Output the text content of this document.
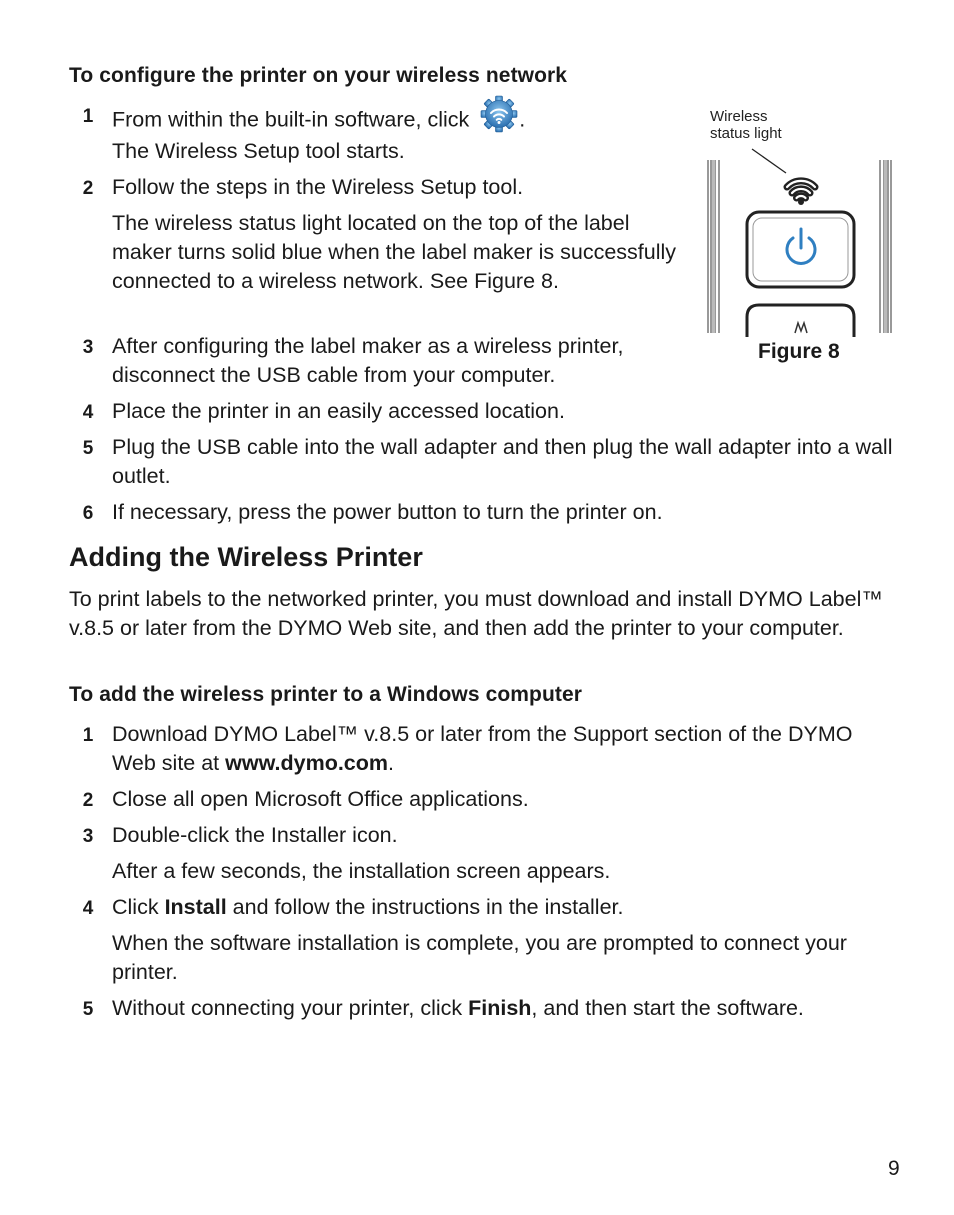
To configure the printer on your wireless network
1 From within the built-in software, click .
The Wireless Setup tool starts.
2 Follow the steps in the Wireless Setup tool.
The wireless status light located on the top of the label maker turns solid blue when the label maker is successfully connected to a wireless network. See Figure 8.
3 After configuring the label maker as a wireless printer, disconnect the USB cable from your computer.
4 Place the printer in an easily accessed location.
5 Plug the USB cable into the wall adapter and then plug the wall adapter into a wall outlet.
6 If necessary, press the power button to turn the printer on.
Wireless
status light
Figure 8
Adding the Wireless Printer
To print labels to the networked printer, you must download and install DYMO Label™ v.8.5 or later from the DYMO Web site, and then add the printer to your computer.
To add the wireless printer to a Windows computer
1 Download DYMO Label™ v.8.5 or later from the Support section of the DYMO Web site at www.dymo.com.
2 Close all open Microsoft Office applications.
3 Double-click the Installer icon.
After a few seconds, the installation screen appears.
4 Click Install and follow the instructions in the installer.
When the software installation is complete, you are prompted to connect your printer.
5 Without connecting your printer, click Finish, and then start the software.
9
